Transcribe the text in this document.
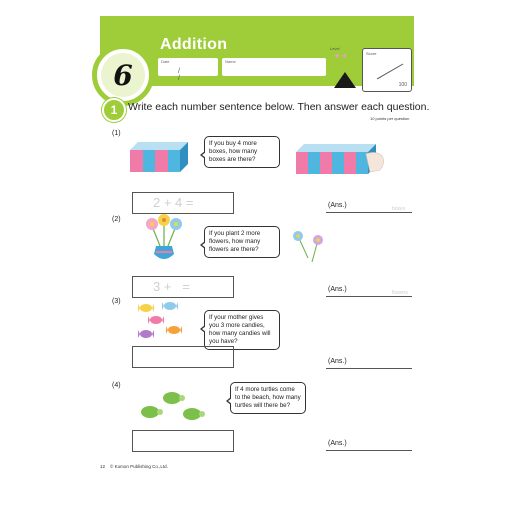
6
Addition
Date
/ /
Name
Level
★★	Score
100
1	Write each number sentence below. Then answer each question.
10 points per question
(1)
If you buy 4 more boxes, how many boxes are there?
2 + 4 =	(Ans.)	boxes
(2)
If you plant 2 more flowers, how many flowers are there?
3 +   =	(Ans.)	flowers
(3)
If your mother gives you 3 more candies, how many candies will you have?
(Ans.)
(4)
If 4 more turtles come to the beach, how many turtles will there be?
(Ans.)
12 © Kumon Publishing Co.,Ltd.
